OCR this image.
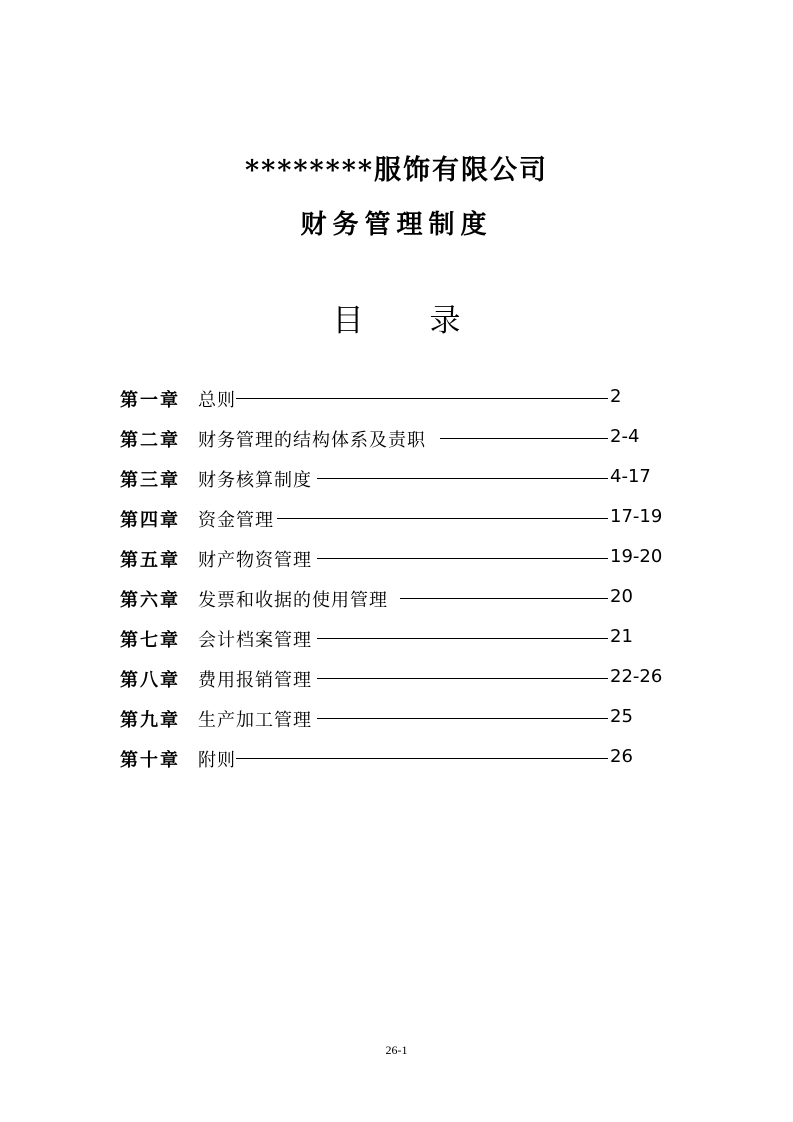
********服饰有限公司
财务管理制度
目 录
第一章 总则	2
第二章 财务管理的结构体系及责职	2-4
第三章 财务核算制度	4-17
第四章 资金管理	17-19
第五章 财产物资管理	19-20
第六章 发票和收据的使用管理	20
第七章 会计档案管理	21
第八章 费用报销管理	22-26
第九章 生产加工管理	25
第十章 附则	26
26-1
